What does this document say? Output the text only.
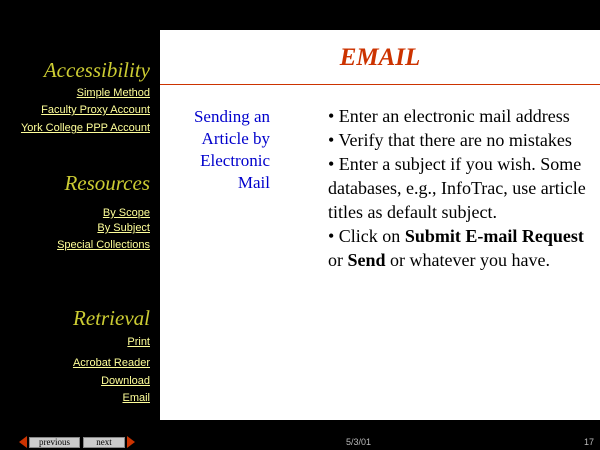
Accessibility
Simple Method
Faculty Proxy Account
York College PPP Account
Resources
By Scope
By Subject
Special Collections
Retrieval
Print
Acrobat Reader
Download
Email
EMAIL
Sending an
Article by
Electronic
Mail
• Enter an electronic mail address
• Verify that there are no mistakes
• Enter a subject if you wish. Some databases, e.g., InfoTrac, use article titles as default subject.
• Click on Submit E-mail Request or Send or whatever you have.
previous	next	5/3/01	17
